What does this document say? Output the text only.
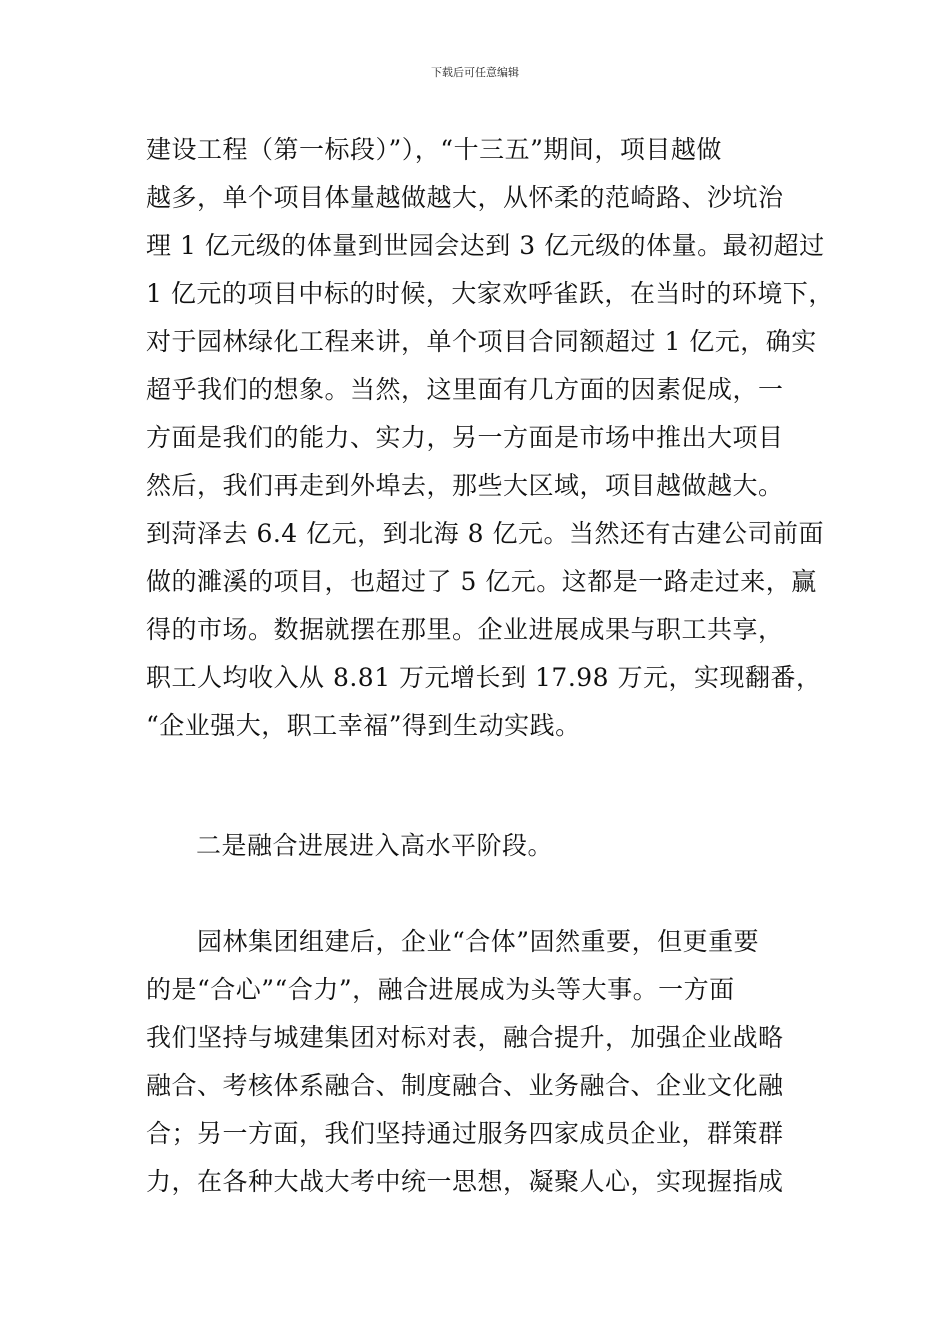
下载后可任意编辑
建设工程（第一标段）”），“十三五”期间，项目越做
越多，单个项目体量越做越大，从怀柔的范崎路、沙坑治
理 1 亿元级的体量到世园会达到 3 亿元级的体量。最初超过
1 亿元的项目中标的时候，大家欢呼雀跃，在当时的环境下，
对于园林绿化工程来讲，单个项目合同额超过 1 亿元，确实
超乎我们的想象。当然，这里面有几方面的因素促成，一
方面是我们的能力、实力，另一方面是市场中推出大项目
然后，我们再走到外埠去，那些大区域，项目越做越大。
到菏泽去 6.4 亿元，到北海 8 亿元。当然还有古建公司前面
做的濉溪的项目，也超过了 5 亿元。这都是一路走过来，赢
得的市场。数据就摆在那里。企业进展成果与职工共享，
职工人均收入从 8.81 万元增长到 17.98 万元，实现翻番，
“企业强大，职工幸福”得到生动实践。
二是融合进展进入高水平阶段。
　　园林集团组建后，企业“合体”固然重要，但更重要
的是“合心”“合力”，融合进展成为头等大事。一方面
我们坚持与城建集团对标对表，融合提升，加强企业战略
融合、考核体系融合、制度融合、业务融合、企业文化融
合；另一方面，我们坚持通过服务四家成员企业，群策群
力，在各种大战大考中统一思想，凝聚人心，实现握指成
